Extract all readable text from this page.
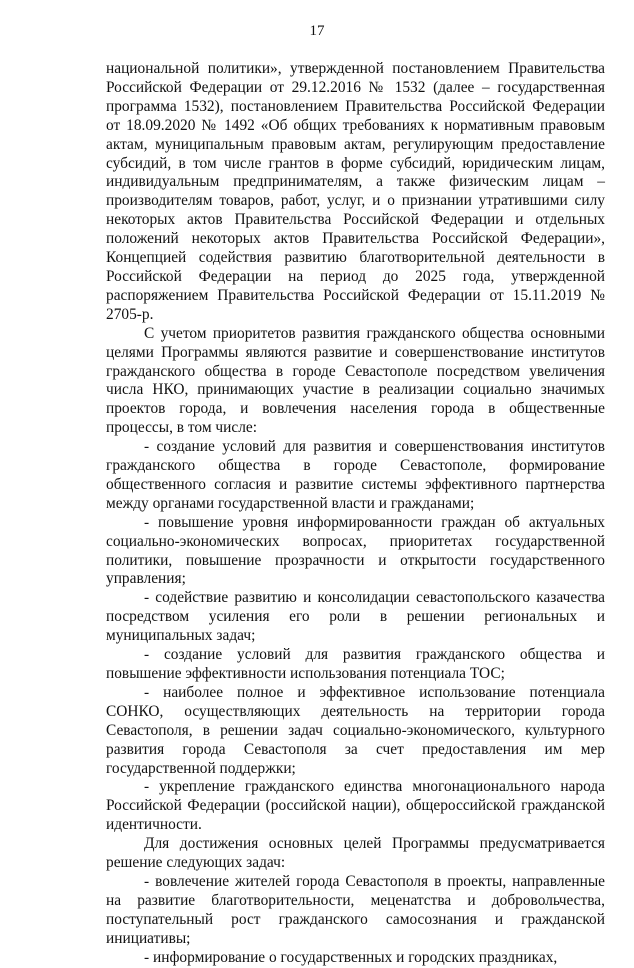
17

национальной политики», утвержденной постановлением Правительства Российской Федерации от 29.12.2016 № 1532 (далее – государственная программа 1532), постановлением Правительства Российской Федерации от 18.09.2020 № 1492 «Об общих требованиях к нормативным правовым актам, муниципальным правовым актам, регулирующим предоставление субсидий, в том числе грантов в форме субсидий, юридическим лицам, индивидуальным предпринимателям, а также физическим лицам – производителям товаров, работ, услуг, и о признании утратившими силу некоторых актов Правительства Российской Федерации и отдельных положений некоторых актов Правительства Российской Федерации», Концепцией содействия развитию благотворительной деятельности в Российской Федерации на период до 2025 года, утвержденной распоряжением Правительства Российской Федерации от 15.11.2019 № 2705-р.

С учетом приоритетов развития гражданского общества основными целями Программы являются развитие и совершенствование институтов гражданского общества в городе Севастополе посредством увеличения числа НКО, принимающих участие в реализации социально значимых проектов города, и вовлечения населения города в общественные процессы, в том числе:

- создание условий для развития и совершенствования институтов гражданского общества в городе Севастополе, формирование общественного согласия и развитие системы эффективного партнерства между органами государственной власти и гражданами;

- повышение уровня информированности граждан об актуальных социально-экономических вопросах, приоритетах государственной политики, повышение прозрачности и открытости государственного управления;

- содействие развитию и консолидации севастопольского казачества посредством усиления его роли в решении региональных и муниципальных задач;

- создание условий для развития гражданского общества и повышение эффективности использования потенциала ТОС;

- наиболее полное и эффективное использование потенциала СОНКО, осуществляющих деятельность на территории города Севастополя, в решении задач социально-экономического, культурного развития города Севастополя за счет предоставления им мер государственной поддержки;

- укрепление гражданского единства многонационального народа Российской Федерации (российской нации), общероссийской гражданской идентичности.

Для достижения основных целей Программы предусматривается решение следующих задач:

- вовлечение жителей города Севастополя в проекты, направленные на развитие благотворительности, меценатства и добровольчества, поступательный рост гражданского самосознания и гражданской инициативы;

- информирование о государственных и городских праздниках,
